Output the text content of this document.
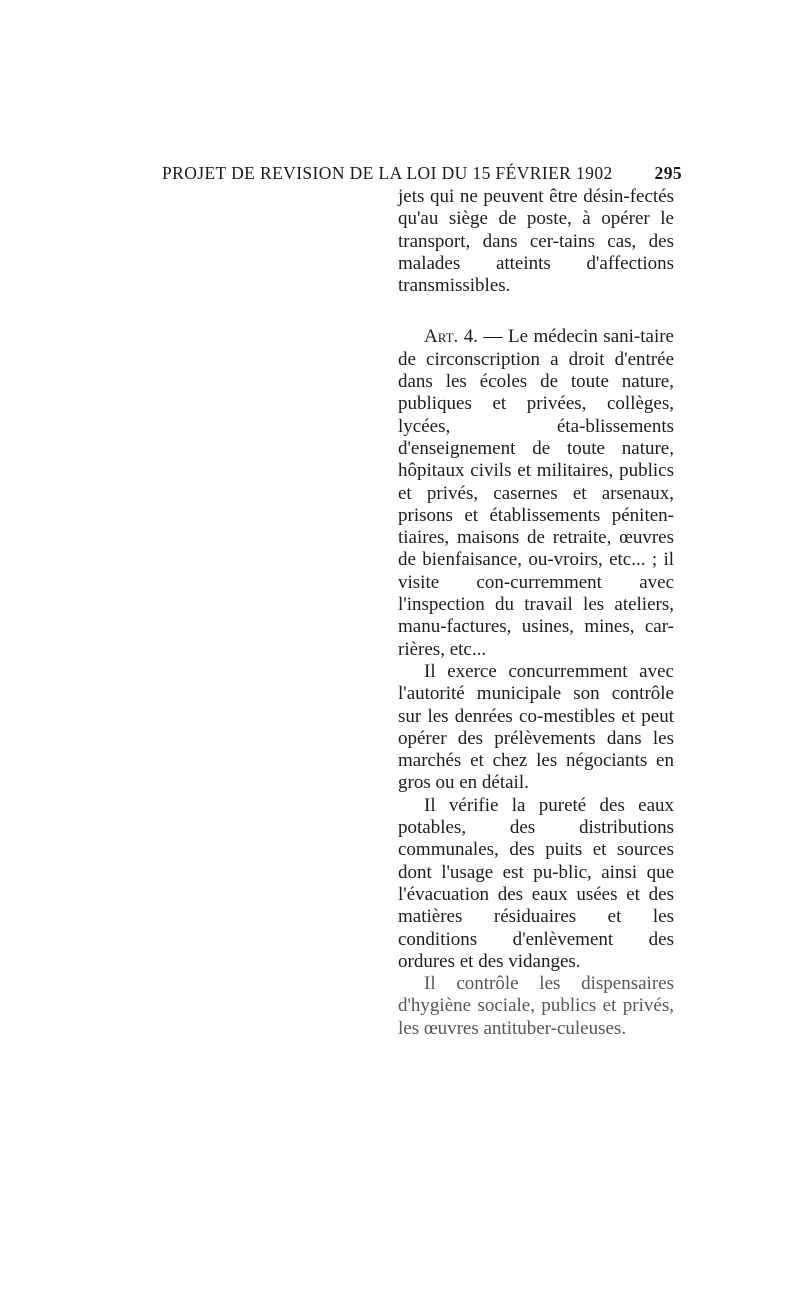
PROJET DE REVISION DE LA LOI DU 15 FÉVRIER 1902 295

jets qui ne peuvent être désin-fectés qu'au siège de poste, à opérer le transport, dans cer-tains cas, des malades atteints d'affections transmissibles.

Art. 4. — Le médecin sani-taire de circonscription a droit d'entrée dans les écoles de toute nature, publiques et privées, collèges, lycées, éta-blissements d'enseignement de toute nature, hôpitaux civils et militaires, publics et privés, casernes et arsenaux, prisons et établissements péniten-tiaires, maisons de retraite, œuvres de bienfaisance, ou-vroirs, etc... ; il visite con-curremment avec l'inspection du travail les ateliers, manu-factures, usines, mines, car-rières, etc...

Il exerce concurremment avec l'autorité municipale son contrôle sur les denrées co-mestibles et peut opérer des prélèvements dans les marchés et chez les négociants en gros ou en détail.

Il vérifie la pureté des eaux potables, des distributions communales, des puits et sources dont l'usage est pu-blic, ainsi que l'évacuation des eaux usées et des matières résiduaires et les conditions d'enlèvement des ordures et des vidanges.

Il contrôle les dispensaires d'hygiène sociale, publics et privés, les œuvres antituber-culeuses.
